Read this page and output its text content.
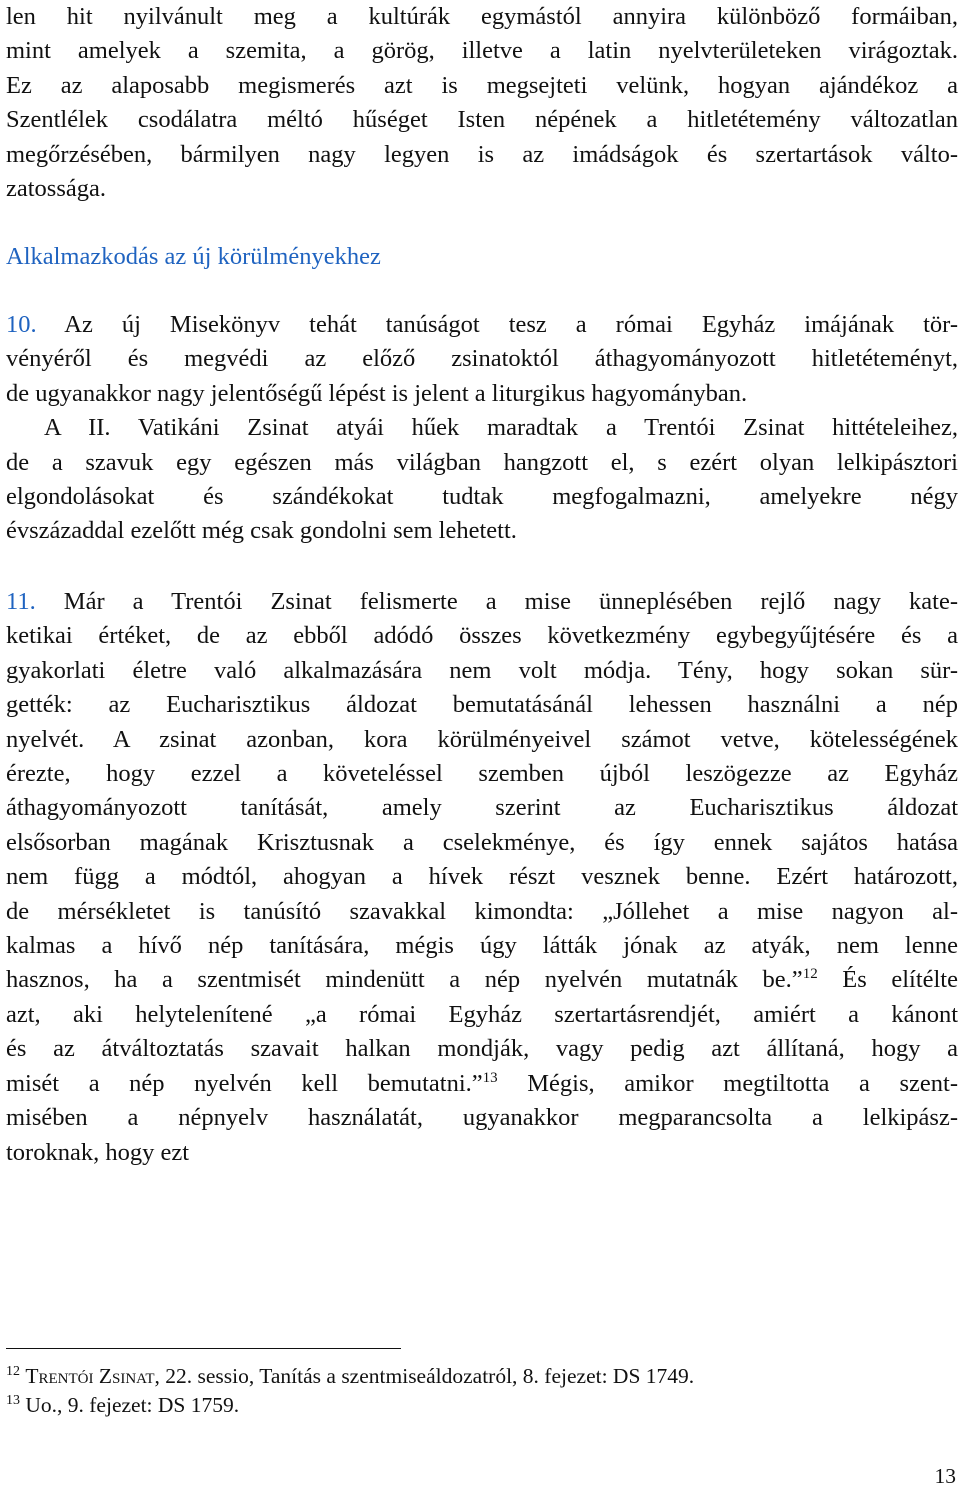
len hit nyilvánult meg a kultúrák egymástól annyira különböző formáiban,
mint amelyek a szemita, a görög, illetve a latin nyelvterületeken virágoztak.
Ez az alaposabb megismerés azt is megsejteti velünk, hogyan ajándékoz a
Szentlélek csodálatra méltó hűséget Isten népének a hitletétemény változatlan
megőrzésében, bármilyen nagy legyen is az imádságok és szertartások válto-
zatossága.
Alkalmazkodás az új körülményekhez
10. Az új Misekönyv tehát tanúságot tesz a római Egyház imájának tör-
vényéről és megvédi az előző zsinatoktól áthagyományozott hitletéteményt,
de ugyanakkor nagy jelentőségű lépést is jelent a liturgikus hagyományban.
A II. Vatikáni Zsinat atyái hűek maradtak a Trentói Zsinat hittételeihez,
de a szavuk egy egészen más világban hangzott el, s ezért olyan lelkipásztori
elgondolásokat és szándékokat tudtak megfogalmazni, amelyekre négy
évszázaddal ezelőtt még csak gondolni sem lehetett.
11. Már a Trentói Zsinat felismerte a mise ünneplésében rejlő nagy kate-
ketikai értéket, de az ebből adódó összes következmény egybegyűjtésére és a
gyakorlati életre való alkalmazására nem volt módja. Tény, hogy sokan sür-
gették: az Eucharisztikus áldozat bemutatásánál lehessen használni a nép
nyelvét. A zsinat azonban, kora körülményeivel számot vetve, kötelességének
érezte, hogy ezzel a követeléssel szemben újból leszögezze az Egyház
áthagyományozott tanítását, amely szerint az Eucharisztikus áldozat
elsősorban magának Krisztusnak a cselekménye, és így ennek sajátos hatása
nem függ a módtól, ahogyan a hívek részt vesznek benne. Ezért határozott,
de mérsékletet is tanúsító szavakkal kimondta: „Jóllehet a mise nagyon al-
kalmas a hívő nép tanítására, mégis úgy látták jónak az atyák, nem lenne
hasznos, ha a szentmisét mindenütt a nép nyelvén mutatnák be.”$^{12}$ És elítélte
azt, aki helytelenítené „a római Egyház szertartásrendjét, amiért a kánont
és az átváltoztatás szavait halkan mondják, vagy pedig azt állítaná, hogy a
misét a nép nyelvén kell bemutatni.”$^{13}$ Mégis, amikor megtiltotta a szent-
misében a népnyelv használatát, ugyanakkor megparancsolta a lelkipász-
toroknak, hogy ezt
$^{12}$ Trentói Zsinat, 22. sessio, Tanítás a szentmiseáldozatról, 8. fejezet: DS 1749.
$^{13}$ Uo., 9. fejezet: DS 1759.
13
